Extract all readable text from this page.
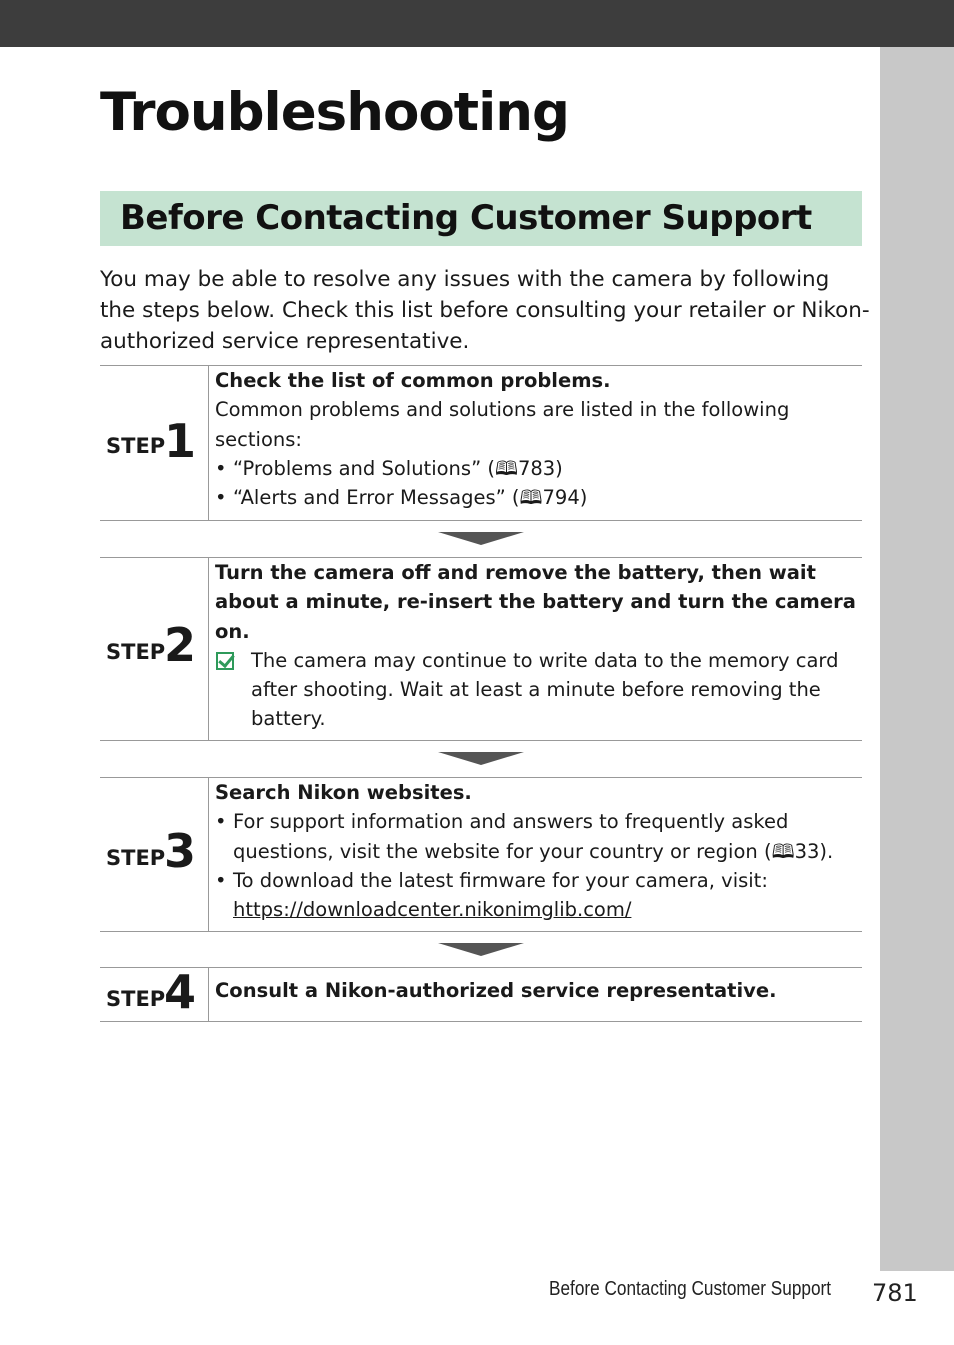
Troubleshooting
Before Contacting Customer Support

You may be able to resolve any issues with the camera by following the steps below. Check this list before consulting your retailer or Nikon-authorized service representative.

STEP
1
Check the list of common problems.
Common problems and solutions are listed in the following sections:
• “Problems and Solutions” (🕮783)
• “Alerts and Error Messages” (🕮794)
STEP
2
Turn the camera off and remove the battery, then wait about a minute, re-insert the battery and turn the camera on.
The camera may continue to write data to the memory card after shooting. Wait at least a minute before removing the battery.
STEP
3
Search Nikon websites.
• For support information and answers to frequently asked questions, visit the website for your country or region (🕮33).
• To download the latest firmware for your camera, visit:
https://downloadcenter.nikonimglib.com/
STEP
4 Consult a Nikon-authorized service representative.
Before Contacting Customer Support 781
